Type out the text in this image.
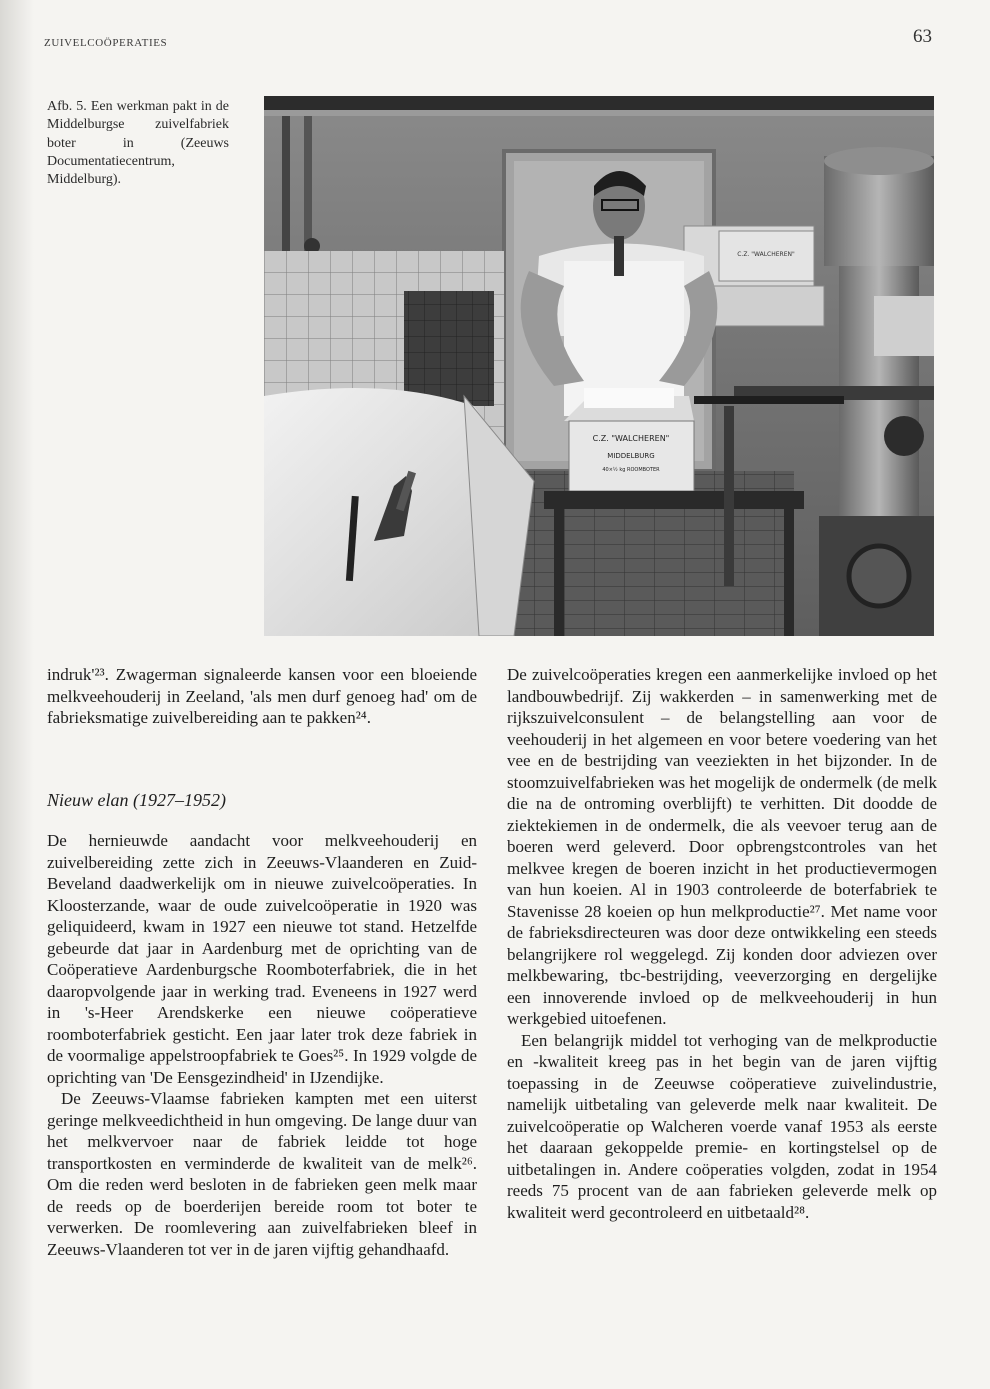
ZUIVELCOÖPERATIES	63
Afb. 5. Een werkman pakt in de Middelburgse zuivelfabriek boter in (Zeeuws Documentatiecentrum, Middelburg).
C.Z. "WALCHEREN"
C.Z. "WALCHEREN"
MIDDELBURG
40×½ kg ROOMBOTER

indruk'²³. Zwagerman signaleerde kansen voor een bloeiende melkveehouderij in Zeeland, 'als men durf genoeg had' om de fabrieksmatige zuivelbereiding aan te pakken²⁴.

Nieuw elan (1927–1952)

De hernieuwde aandacht voor melkveehouderij en zuivelbereiding zette zich in Zeeuws-Vlaanderen en Zuid-Beveland daadwerkelijk om in nieuwe zuivelcoöperaties. In Kloosterzande, waar de oude zuivelcoöperatie in 1920 was geliquideerd, kwam in 1927 een nieuwe tot stand. Hetzelfde gebeurde dat jaar in Aardenburg met de oprichting van de Coöperatieve Aardenburgsche Roomboterfabriek, die in het daaropvolgende jaar in werking trad. Eveneens in 1927 werd in 's-Heer Arendskerke een nieuwe coöperatieve roomboterfabriek gesticht. Een jaar later trok deze fabriek in de voormalige appelstroopfabriek te Goes²⁵. In 1929 volgde de oprichting van 'De Eensgezindheid' in IJzendijke.

De Zeeuws-Vlaamse fabrieken kampten met een uiterst geringe melkveedichtheid in hun omgeving. De lange duur van het melkvervoer naar de fabriek leidde tot hoge transportkosten en verminderde de kwaliteit van de melk²⁶. Om die reden werd besloten in de fabrieken geen melk maar de reeds op de boerderijen bereide room tot boter te verwerken. De roomlevering aan zuivelfabrieken bleef in Zeeuws-Vlaanderen tot ver in de jaren vijftig gehandhaafd.

De zuivelcoöperaties kregen een aanmerkelijke invloed op het landbouwbedrijf. Zij wakkerden – in samenwerking met de rijkszuivelconsulent – de belangstelling aan voor de veehouderij in het algemeen en voor betere voedering van het vee en de bestrijding van veeziekten in het bijzonder. In de stoomzuivelfabrieken was het mogelijk de ondermelk (de melk die na de ontroming overblijft) te verhitten. Dit doodde de ziektekiemen in de ondermelk, die als veevoer terug aan de boeren werd geleverd. Door opbrengstcontroles van het melkvee kregen de boeren inzicht in het productievermogen van hun koeien. Al in 1903 controleerde de boterfabriek te Stavenisse 28 koeien op hun melkproductie²⁷. Met name voor de fabrieksdirecteuren was door deze ontwikkeling een steeds belangrijkere rol weggelegd. Zij konden door adviezen over melkbewaring, tbc-bestrijding, veeverzorging en dergelijke een innoverende invloed op de melkveehouderij in hun werkgebied uitoefenen.

Een belangrijk middel tot verhoging van de melkproductie en -kwaliteit kreeg pas in het begin van de jaren vijftig toepassing in de Zeeuwse coöperatieve zuivelindustrie, namelijk uitbetaling van geleverde melk naar kwaliteit. De zuivelcoöperatie op Walcheren voerde vanaf 1953 als eerste het daaraan gekoppelde premie- en kortingstelsel op de uitbetalingen in. Andere coöperaties volgden, zodat in 1954 reeds 75 procent van de aan fabrieken geleverde melk op kwaliteit werd gecontroleerd en uitbetaald²⁸.
